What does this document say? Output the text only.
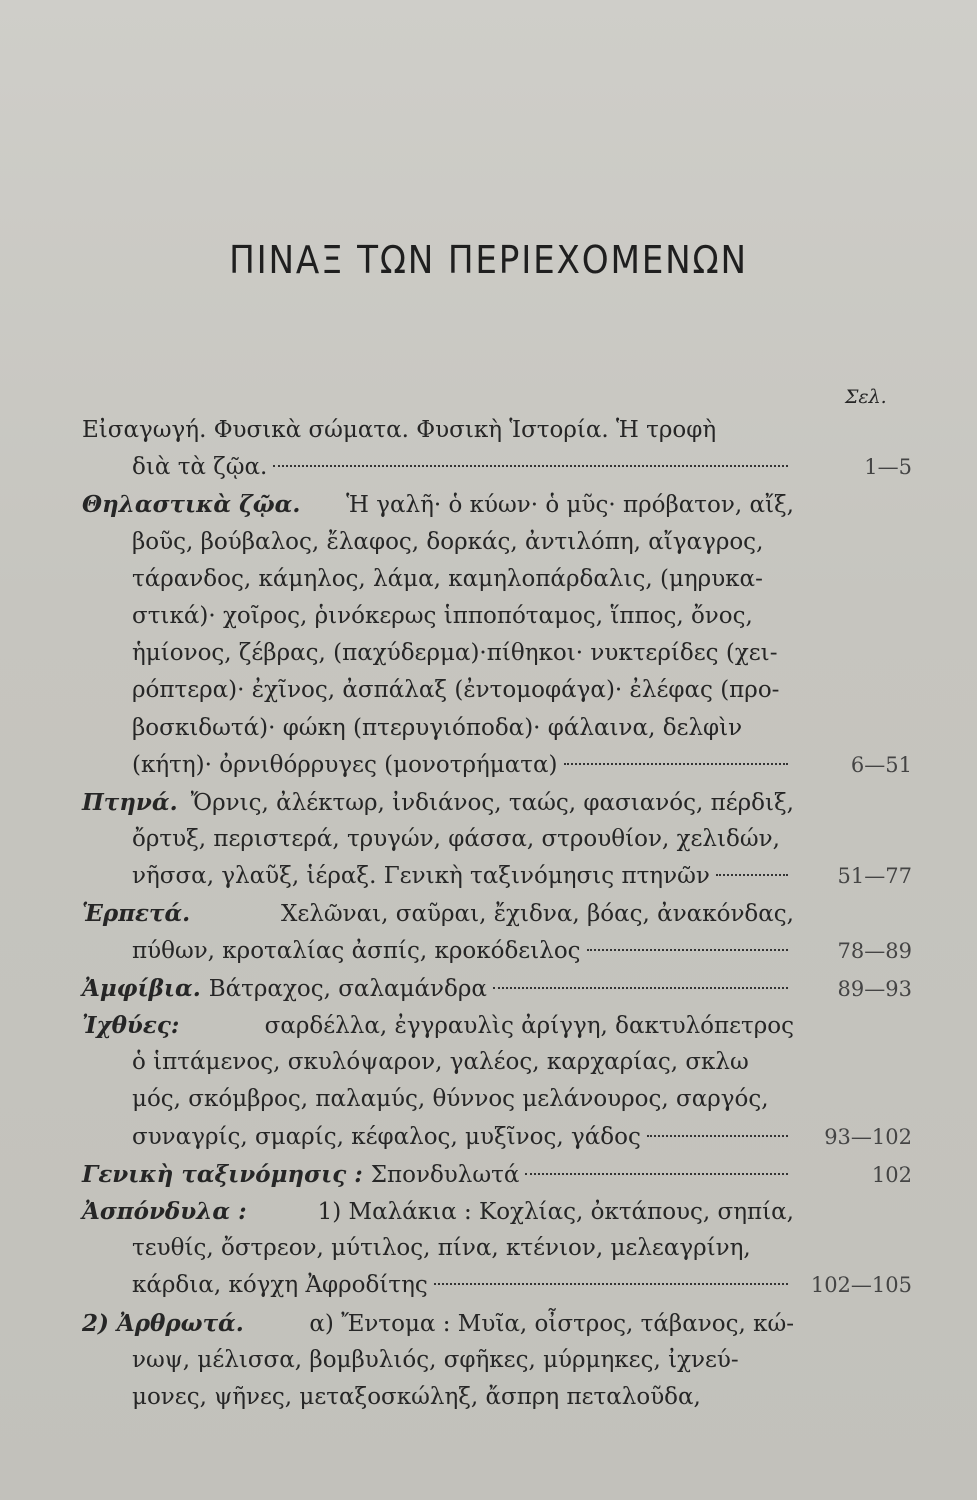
ΠΙΝΑΞ ΤΩΝ ΠΕΡΙΕΧΟΜΕΝΩΝ
Σελ.
Εἰσαγωγή. Φυσικὰ σώματα. Φυσικὴ Ἱστορία. Ἡ τροφὴ
διὰ τὰ ζῷα.	1—5
Θηλαστικὰ ζῷα. Ἡ γαλῆ· ὁ κύων· ὁ μῦς· πρόβατον, αἴξ,
βοῦς, βούβαλος, ἔλαφος, δορκάς, ἀντιλόπη, αἴγαγρος,
τάρανδος, κάμηλος, λάμα, καμηλοπάρδαλις, (μηρυκα-
στικά)· χοῖρος, ῥινόκερως ἱπποπόταμος, ἵππος, ὄνος,
ἡμίονος, ζέβρας, (παχύδερμα)·πίθηκοι· νυκτερίδες (χει-
ρόπτερα)· ἐχῖνος, ἀσπάλαξ (ἐντομοφάγα)· ἐλέφας (προ-
βοσκιδωτά)· φώκη (πτερυγιόποδα)· φάλαινα, δελφὶν
(κήτη)· ὀρνιθόρρυγες (μονοτρήματα)	6—51
Πτηνά. Ὄρνις, ἀλέκτωρ, ἰνδιάνος, ταώς, φασιανός, πέρδιξ,
ὄρτυξ, περιστερά, τρυγών, φάσσα, στρουθίον, χελιδών,
νῆσσα, γλαῦξ, ἱέραξ. Γενικὴ ταξινόμησις πτηνῶν	51—77
Ἑρπετά.	Χελῶναι, σαῦραι, ἔχιδνα, βόας, ἀνακόνδας,
πύθων, κροταλίας ἀσπίς, κροκόδειλος	78—89
Ἀμφίβια. Βάτραχος, σαλαμάνδρα	89—93
Ἰχθύες:	σαρδέλλα, ἐγγραυλὶς ἀρίγγη, δακτυλόπετρος
ὁ ἱπτάμενος, σκυλόψαρον, γαλέος, καρχαρίας, σκλω
μός, σκόμβρος, παλαμύς, θύννος μελάνουρος, σαργός,
συναγρίς, σμαρίς, κέφαλος, μυξῖνος, γάδος	93—102
Γενικὴ ταξινόμησις : Σπονδυλωτά	102
Ἀσπόνδυλα :	1) Μαλάκια : Κοχλίας, ὀκτάπους, σηπία,
τευθίς, ὄστρεον, μύτιλος, πίνα, κτένιον, μελεαγρίνη,
κάρδια, κόγχη Ἀφροδίτης	102—105
2) Ἀρθρωτά.	α) Ἔντομα : Μυῖα, οἶστρος, τάβανος, κώ-
νωψ, μέλισσα, βομβυλιός, σφῆκες, μύρμηκες, ἰχνεύ-
μονες, ψῆνες, μεταξοσκώληξ, ἄσπρη πεταλοῦδα,
